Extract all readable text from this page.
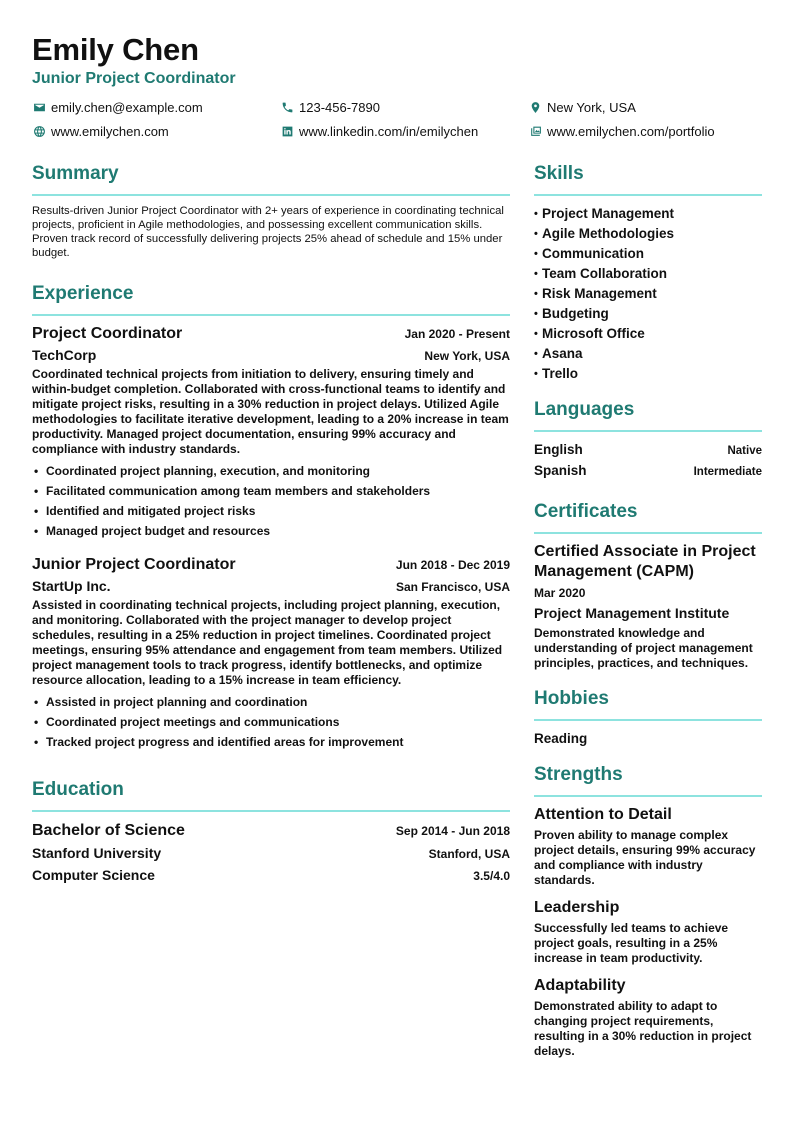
Emily Chen
Junior Project Coordinator
emily.chen@example.com	123-456-7890	New York, USA
www.emilychen.com	www.linkedin.com/in/emilychen	www.emilychen.com/portfolio
Summary
Results-driven Junior Project Coordinator with 2+ years of experience in coordinating technical projects, proficient in Agile methodologies, and possessing excellent communication skills. Proven track record of successfully delivering projects 25% ahead of schedule and 15% under budget.
Experience
Project Coordinator	Jan 2020 - Present
TechCorp	New York, USA
Coordinated technical projects from initiation to delivery, ensuring timely and within-budget completion. Collaborated with cross-functional teams to identify and mitigate project risks, resulting in a 30% reduction in project delays. Utilized Agile methodologies to facilitate iterative development, leading to a 20% increase in team productivity. Managed project documentation, ensuring 99% accuracy and compliance with industry standards.
• Coordinated project planning, execution, and monitoring
• Facilitated communication among team members and stakeholders
• Identified and mitigated project risks
• Managed project budget and resources
Junior Project Coordinator	Jun 2018 - Dec 2019
StartUp Inc.	San Francisco, USA
Assisted in coordinating technical projects, including project planning, execution, and monitoring. Collaborated with the project manager to develop project schedules, resulting in a 25% reduction in project timelines. Coordinated project meetings, ensuring 95% attendance and engagement from team members. Utilized project management tools to track progress, identify bottlenecks, and optimize resource allocation, leading to a 15% increase in team efficiency.
• Assisted in project planning and coordination
• Coordinated project meetings and communications
• Tracked project progress and identified areas for improvement
Education
Bachelor of Science	Sep 2014 - Jun 2018
Stanford University	Stanford, USA
Computer Science	3.5/4.0
Skills
• Project Management
• Agile Methodologies
• Communication
• Team Collaboration
• Risk Management
• Budgeting
• Microsoft Office
• Asana
• Trello
Languages
English	Native
Spanish	Intermediate
Certificates
Certified Associate in Project Management (CAPM)
Mar 2020
Project Management Institute
Demonstrated knowledge and understanding of project management principles, practices, and techniques.
Hobbies
Reading
Strengths
Attention to Detail
Proven ability to manage complex project details, ensuring 99% accuracy and compliance with industry standards.
Leadership
Successfully led teams to achieve project goals, resulting in a 25% increase in team productivity.
Adaptability
Demonstrated ability to adapt to changing project requirements, resulting in a 30% reduction in project delays.
